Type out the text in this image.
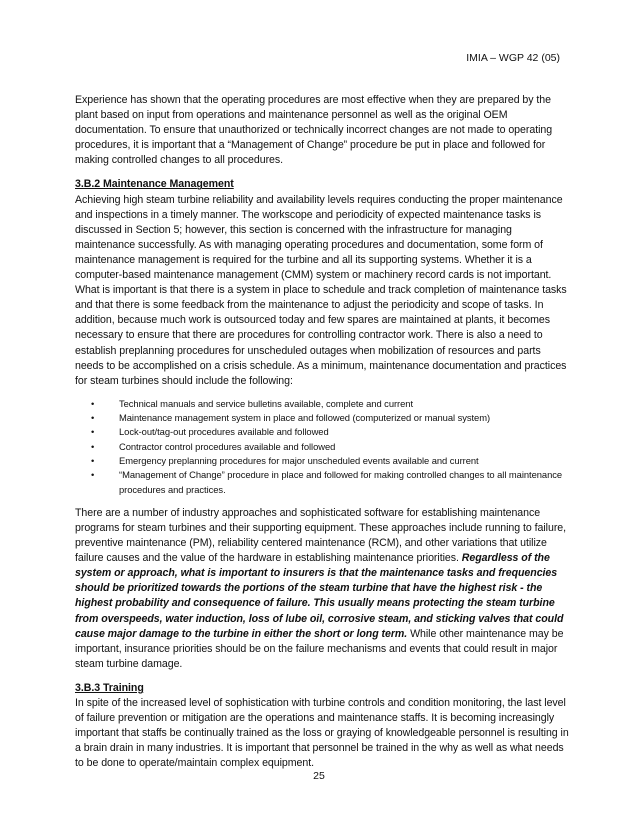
IMIA – WGP 42 (05)

Experience has shown that the operating procedures are most effective when they are prepared by the plant based on input from operations and maintenance personnel as well as the original OEM documentation. To ensure that unauthorized or technically incorrect changes are not made to operating procedures, it is important that a “Management of Change” procedure be put in place and followed for making controlled changes to all procedures.

3.B.2 Maintenance Management

Achieving high steam turbine reliability and availability levels requires conducting the proper maintenance and inspections in a timely manner. The workscope and periodicity of expected maintenance tasks is discussed in Section 5; however, this section is concerned with the infrastructure for managing maintenance successfully. As with managing operating procedures and documentation, some form of maintenance management is required for the turbine and all its supporting systems. Whether it is a computer-based maintenance management (CMM) system or machinery record cards is not important. What is important is that there is a system in place to schedule and track completion of maintenance tasks and that there is some feedback from the maintenance to adjust the periodicity and scope of tasks. In addition, because much work is outsourced today and few spares are maintained at plants, it becomes necessary to ensure that there are procedures for controlling contractor work. There is also a need to establish preplanning procedures for unscheduled outages when mobilization of resources and parts needs to be accomplished on a crisis schedule. As a minimum, maintenance documentation and practices for steam turbines should include the following:

•	Technical manuals and service bulletins available, complete and current
•	Maintenance management system in place and followed (computerized or manual system)
•	Lock-out/tag-out procedures available and followed
•	Contractor control procedures available and followed
•	Emergency preplanning procedures for major unscheduled events available and current
•	“Management of Change” procedure in place and followed for making controlled changes to all maintenance procedures and practices.

There are a number of industry approaches and sophisticated software for establishing maintenance programs for steam turbines and their supporting equipment. These approaches include running to failure, preventive maintenance (PM), reliability centered maintenance (RCM), and other variations that utilize failure causes and the value of the hardware in establishing maintenance priorities. Regardless of the system or approach, what is important to insurers is that the maintenance tasks and frequencies should be prioritized towards the portions of the steam turbine that have the highest risk - the highest probability and consequence of failure. This usually means protecting the steam turbine from overspeeds, water induction, loss of lube oil, corrosive steam, and sticking valves that could cause major damage to the turbine in either the short or long term. While other maintenance may be important, insurance priorities should be on the failure mechanisms and events that could result in major steam turbine damage.

3.B.3 Training

In spite of the increased level of sophistication with turbine controls and condition monitoring, the last level of failure prevention or mitigation are the operations and maintenance staffs. It is becoming increasingly important that staffs be continually trained as the loss or graying of knowledgeable personnel is resulting in a brain drain in many industries. It is important that personnel be trained in the why as well as what needs to be done to operate/maintain complex equipment.

25
